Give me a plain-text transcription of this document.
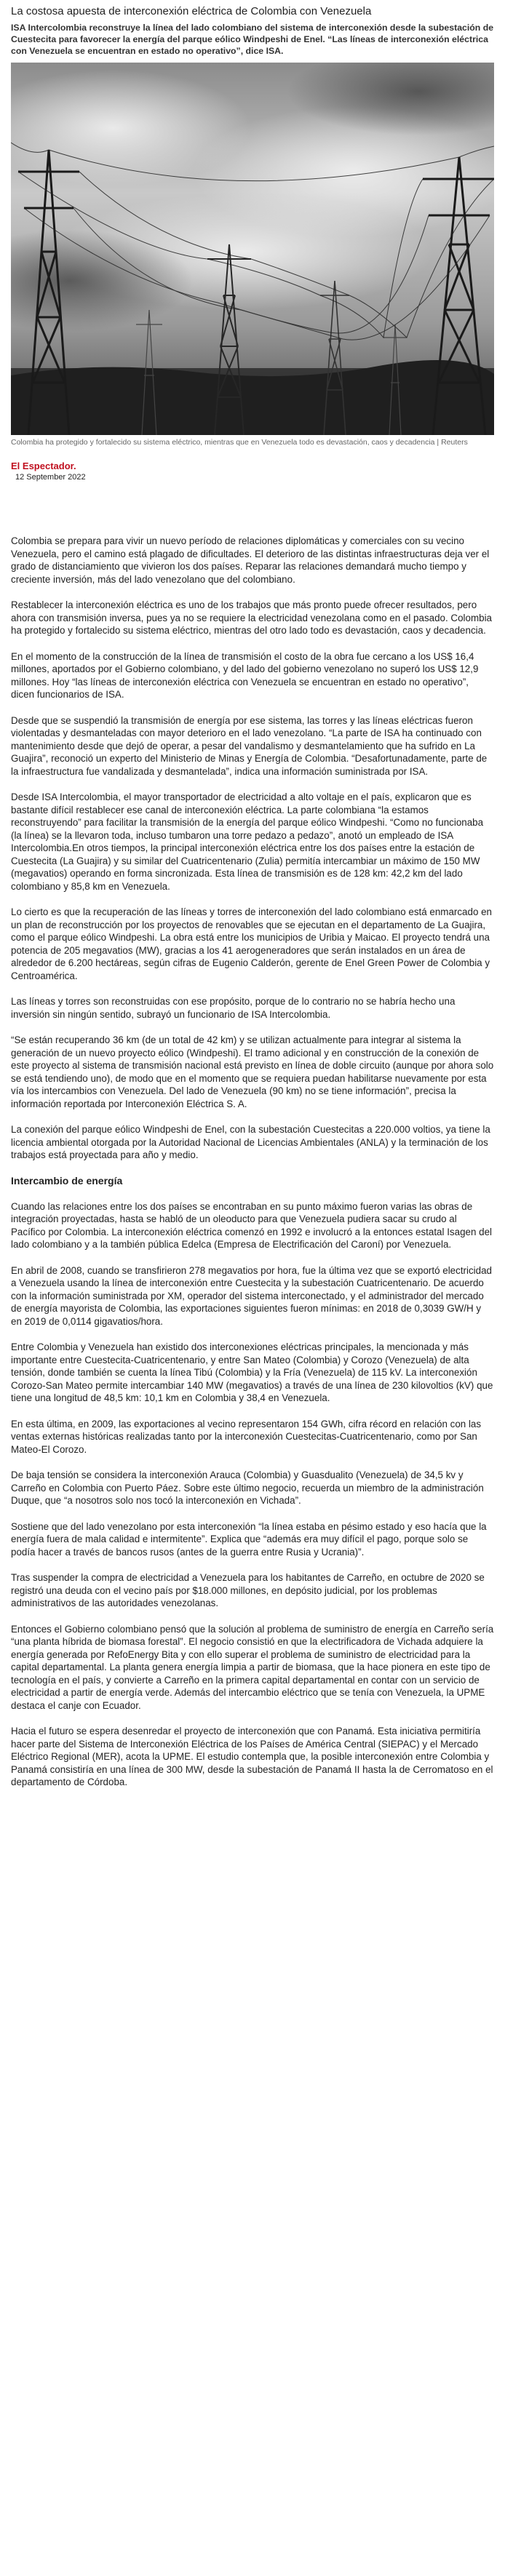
La costosa apuesta de interconexión eléctrica de Colombia con Venezuela

ISA Intercolombia reconstruye la línea del lado colombiano del sistema de interconexión desde la subestación de Cuestecita para favorecer la energía del parque eólico Windpeshi de Enel. “Las líneas de interconexión eléctrica con Venezuela se encuentran en estado no operativo”, dice ISA.

Colombia ha protegido y fortalecido su sistema eléctrico, mientras que en Venezuela todo es devastación, caos y decadencia | Reuters
El Espectador.
12 September 2022

Colombia se prepara para vivir un nuevo período de relaciones diplomáticas y comerciales con su vecino Venezuela, pero el camino está plagado de dificultades. El deterioro de las distintas infraestructuras deja ver el grado de distanciamiento que vivieron los dos países. Reparar las relaciones demandará mucho tiempo y creciente inversión, más del lado venezolano que del colombiano.

Restablecer la interconexión eléctrica es uno de los trabajos que más pronto puede ofrecer resultados, pero ahora con transmisión inversa, pues ya no se requiere la electricidad venezolana como en el pasado. Colombia ha protegido y fortalecido su sistema eléctrico, mientras del otro lado todo es devastación, caos y decadencia.

En el momento de la construcción de la línea de transmisión el costo de la obra fue cercano a los US$ 16,4 millones, aportados por el Gobierno colombiano, y del lado del gobierno venezolano no superó los US$ 12,9 millones. Hoy “las líneas de interconexión eléctrica con Venezuela se encuentran en estado no operativo”, dicen funcionarios de ISA.

Desde que se suspendió la transmisión de energía por ese sistema, las torres y las líneas eléctricas fueron violentadas y desmanteladas con mayor deterioro en el lado venezolano. “La parte de ISA ha continuado con mantenimiento desde que dejó de operar, a pesar del vandalismo y desmantelamiento que ha sufrido en La Guajira”, reconoció un experto del Ministerio de Minas y Energía de Colombia. “Desafortunadamente, parte de la infraestructura fue vandalizada y desmantelada”, indica una información suministrada por ISA.

Desde ISA Intercolombia, el mayor transportador de electricidad a alto voltaje en el país, explicaron que es bastante difícil restablecer ese canal de interconexión eléctrica. La parte colombiana “la estamos reconstruyendo” para facilitar la transmisión de la energía del parque eólico Windpeshi. “Como no funcionaba (la línea) se la llevaron toda, incluso tumbaron una torre pedazo a pedazo”, anotó un empleado de ISA Intercolombia.En otros tiempos, la principal interconexión eléctrica entre los dos países entre la estación de Cuestecita (La Guajira) y su similar del Cuatricentenario (Zulia) permitía intercambiar un máximo de 150 MW (megavatios) operando en forma sincronizada. Esta línea de transmisión es de 128 km: 42,2 km del lado colombiano y 85,8 km en Venezuela.

Lo cierto es que la recuperación de las líneas y torres de interconexión del lado colombiano está enmarcado en un plan de reconstrucción por los proyectos de renovables que se ejecutan en el departamento de La Guajira, como el parque eólico Windpeshi. La obra está entre los municipios de Uribia y Maicao. El proyecto tendrá una potencia de 205 megavatios (MW), gracias a los 41 aerogeneradores que serán instalados en un área de alrededor de 6.200 hectáreas, según cifras de Eugenio Calderón, gerente de Enel Green Power de Colombia y Centroamérica.

Las líneas y torres son reconstruidas con ese propósito, porque de lo contrario no se habría hecho una inversión sin ningún sentido, subrayó un funcionario de ISA Intercolombia.

“Se están recuperando 36 km (de un total de 42 km) y se utilizan actualmente para integrar al sistema la generación de un nuevo proyecto eólico (Windpeshi). El tramo adicional y en construcción de la conexión de este proyecto al sistema de transmisión nacional está previsto en línea de doble circuito (aunque por ahora solo se está tendiendo uno), de modo que en el momento que se requiera puedan habilitarse nuevamente por esta vía los intercambios con Venezuela. Del lado de Venezuela (90 km) no se tiene información”, precisa la información reportada por Interconexión Eléctrica S. A.

La conexión del parque eólico Windpeshi de Enel, con la subestación Cuestecitas a 220.000 voltios, ya tiene la licencia ambiental otorgada por la Autoridad Nacional de Licencias Ambientales (ANLA) y la terminación de los trabajos está proyectada para año y medio.

Intercambio de energía

Cuando las relaciones entre los dos países se encontraban en su punto máximo fueron varias las obras de integración proyectadas, hasta se habló de un oleoducto para que Venezuela pudiera sacar su crudo al Pacífico por Colombia. La interconexión eléctrica comenzó en 1992 e involucró a la entonces estatal Isagen del lado colombiano y a la también pública Edelca (Empresa de Electrificación del Caroní) por Venezuela.

En abril de 2008, cuando se transfirieron 278 megavatios por hora, fue la última vez que se exportó electricidad a Venezuela usando la línea de interconexión entre Cuestecita y la subestación Cuatricentenario. De acuerdo con la información suministrada por XM, operador del sistema interconectado, y el administrador del mercado de energía mayorista de Colombia, las exportaciones siguientes fueron mínimas: en 2018 de 0,3039 GW/H y en 2019 de 0,0114 gigavatios/hora.

Entre Colombia y Venezuela han existido dos interconexiones eléctricas principales, la mencionada y más importante entre Cuestecita-Cuatricentenario, y entre San Mateo (Colombia) y Corozo (Venezuela) de alta tensión, donde también se cuenta la línea Tibú (Colombia) y la Fría (Venezuela) de 115 kV. La interconexión Corozo-San Mateo permite intercambiar 140 MW (megavatios) a través de una línea de 230 kilovoltios (kV) que tiene una longitud de 48,5 km: 10,1 km en Colombia y 38,4 en Venezuela.

En esta última, en 2009, las exportaciones al vecino representaron 154 GWh, cifra récord en relación con las ventas externas históricas realizadas tanto por la interconexión Cuestecitas-Cuatricentenario, como por San Mateo-El Corozo.

De baja tensión se considera la interconexión Arauca (Colombia) y Guasdualito (Venezuela) de 34,5 kv y Carreño en Colombia con Puerto Páez. Sobre este último negocio, recuerda un miembro de la administración Duque, que “a nosotros solo nos tocó la interconexión en Vichada”.

Sostiene que del lado venezolano por esta interconexión “la línea estaba en pésimo estado y eso hacía que la energía fuera de mala calidad e intermitente”. Explica que “además era muy difícil el pago, porque solo se podía hacer a través de bancos rusos (antes de la guerra entre Rusia y Ucrania)”.

Tras suspender la compra de electricidad a Venezuela para los habitantes de Carreño, en octubre de 2020 se registró una deuda con el vecino país por $18.000 millones, en depósito judicial, por los problemas administrativos de las autoridades venezolanas.

Entonces el Gobierno colombiano pensó que la solución al problema de suministro de energía en Carreño sería “una planta híbrida de biomasa forestal”. El negocio consistió en que la electrificadora de Vichada adquiere la energía generada por RefoEnergy Bita y con ello superar el problema de suministro de electricidad para la capital departamental. La planta genera energía limpia a partir de biomasa, que la hace pionera en este tipo de tecnología en el país, y convierte a Carreño en la primera capital departamental en contar con un servicio de electricidad a partir de energía verde. Además del intercambio eléctrico que se tenía con Venezuela, la UPME destaca el canje con Ecuador.

Hacia el futuro se espera desenredar el proyecto de interconexión que con Panamá. Esta iniciativa permitiría hacer parte del Sistema de Interconexión Eléctrica de los Países de América Central (SIEPAC) y el Mercado Eléctrico Regional (MER), acota la UPME. El estudio contempla que, la posible interconexión entre Colombia y Panamá consistiría en una línea de 300 MW, desde la subestación de Panamá II hasta la de Cerromatoso en el departamento de Córdoba.
